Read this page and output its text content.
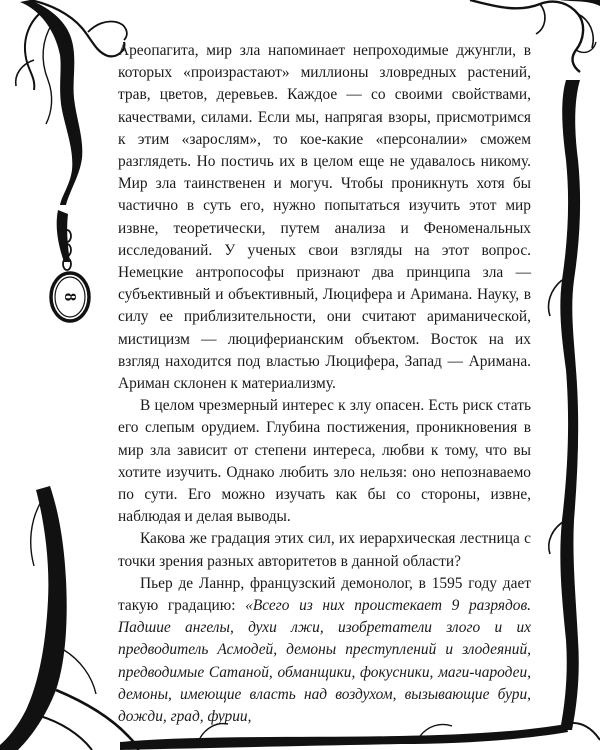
8

Ареопагита, мир зла напоминает непроходимые джунгли, в которых «произрастают» миллионы зловредных растений, трав, цветов, деревьев. Каждое — со своими свойствами, качествами, силами. Если мы, напрягая взоры, присмотримся к этим «зарослям», то кое-какие «персоналии» сможем разглядеть. Но постичь их в целом еще не удавалось никому. Мир зла таинственен и могуч. Чтобы проникнуть хотя бы частично в суть его, нужно попытаться изучить этот мир извне, теоретически, путем анализа и Феноменальных исследований. У ученых свои взгляды на этот вопрос. Немецкие антропософы признают два принципа зла — субъективный и объективный, Люцифера и Аримана. Науку, в силу ее приблизительности, они считают ариманической, мистицизм — люциферианским объектом. Восток на их взгляд находится под властью Люцифера, Запад — Аримана. Ариман склонен к материализму.

В целом чрезмерный интерес к злу опасен. Есть риск стать его слепым орудием. Глубина постижения, проникновения в мир зла зависит от степени интереса, любви к тому, что вы хотите изучить. Однако любить зло нельзя: оно непознаваемо по сути. Его можно изучать как бы со стороны, извне, наблюдая и делая выводы.

Какова же градация этих сил, их иерархическая лестница с точки зрения разных авторитетов в данной области?

Пьер де Ланнр, французский демонолог, в 1595 году дает такую градацию: «Всего из них проистекает 9 разрядов. Падшие ангелы, духи лжи, изобретатели злого и их предводитель Асмодей, демоны преступлений и злодеяний, предводимые Сатаной, обманщики, фокусники, маги-чародеи, демоны, имеющие власть над воздухом, вызывающие бури, дожди, град, фурии,
